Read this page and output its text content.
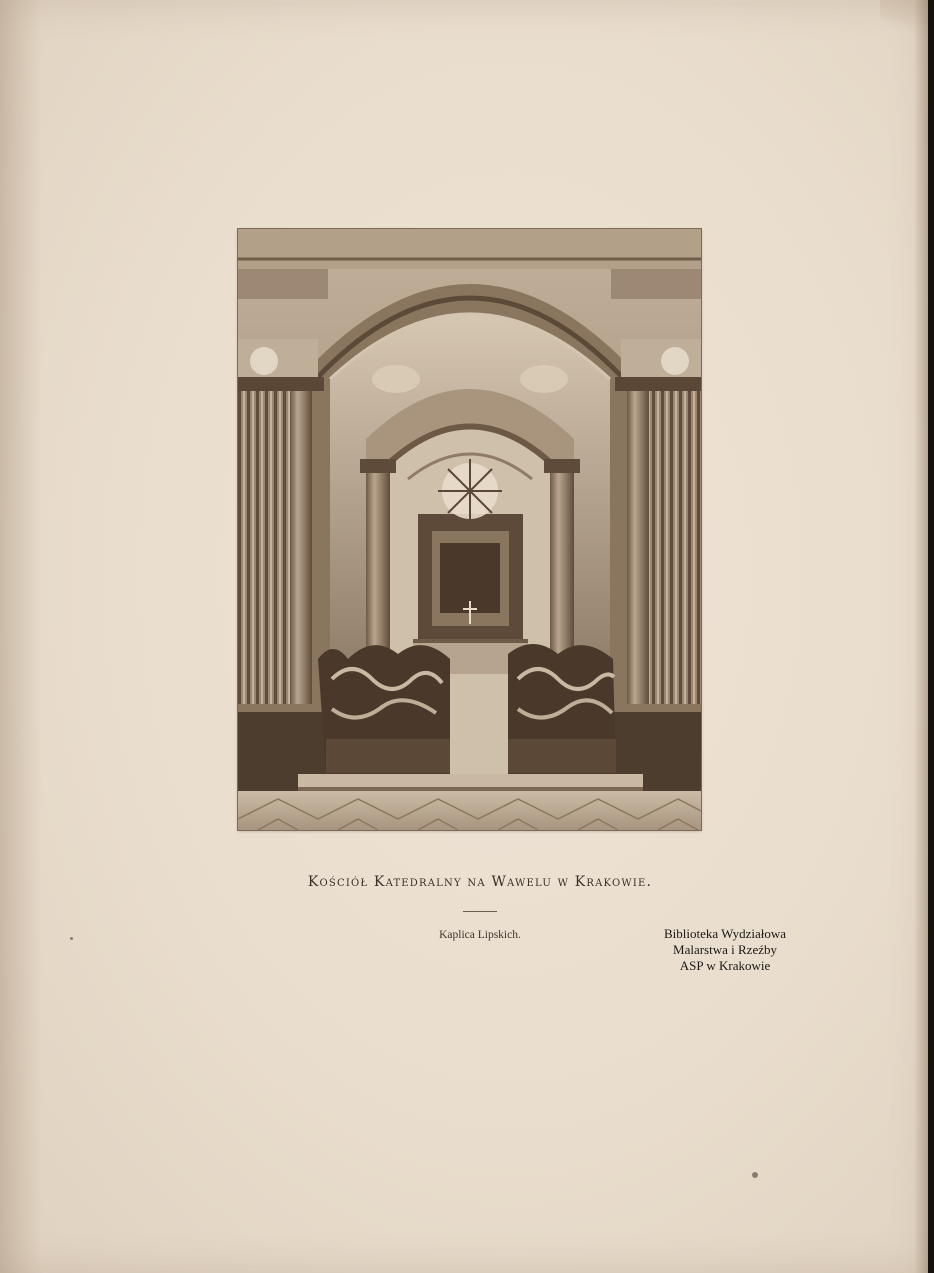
Kościół Katedralny na Wawelu w Krakowie.
Kaplica Lipskich.	Biblioteka Wydziałowa
Malarstwa i Rzeźby
ASP w Krakowie
